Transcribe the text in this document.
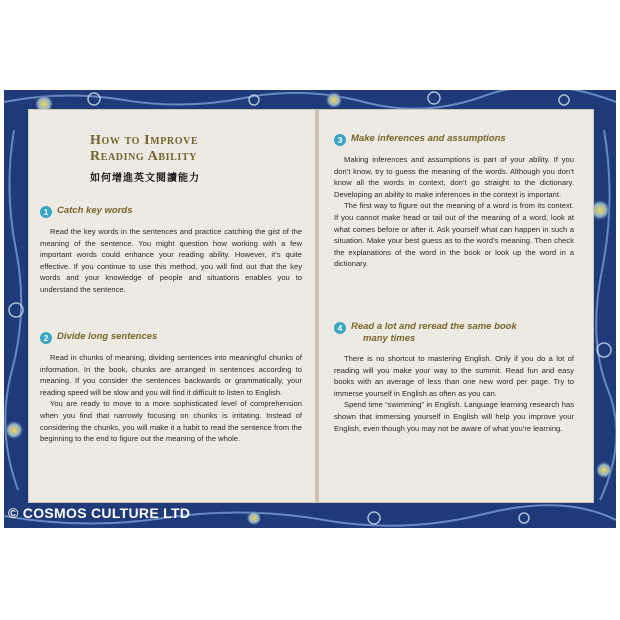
How to Improve
Reading Ability
如何增進英文閱讀能力
1 Catch key words

Read the key words in the sentences and practice catching the gist of the meaning of the sentence. You might question how working with a few important words could enhance your reading ability. However, it’s quite effective. If you continue to use this method, you will find out that the key words and your knowledge of people and situations enables you to understand the sentence.

2 Divide long sentences

Read in chunks of meaning, dividing sentences into meaningful chunks of information. In the book, chunks are arranged in sentences according to meaning. If you consider the sentences backwards or grammatically, your reading speed will be slow and you will find it difficult to listen to English.

You are ready to move to a more sophisticated level of comprehension when you find that narrowly focusing on chunks is irritating. Instead of considering the chunks, you will make it a habit to read the sentence from the beginning to the end to figure out the meaning of the whole.

3 Make inferences and assumptions

Making inferences and assumptions is part of your ability. If you don’t know, try to guess the meaning of the words. Although you don’t know all the words in context, don’t go straight to the dictionary. Developing an ability to make inferences in the context is important.

The first way to figure out the meaning of a word is from its context. If you cannot make head or tail out of the meaning of a word, look at what comes before or after it. Ask yourself what can happen in such a situation. Make your best guess as to the word’s meaning. Then check the explanations of the word in the book or look up the word in a dictionary.

4 Read a lot and reread the same book
many times

There is no shortcut to mastering English. Only if you do a lot of reading will you make your way to the summit. Read fun and easy books with an average of less than one new word per page. Try to immerse yourself in English as often as you can.

Spend time “swimming” in English. Language learning research has shown that immersing yourself in English will help you improve your English, even though you may not be aware of what you’re learning.

© COSMOS CULTURE LTD
